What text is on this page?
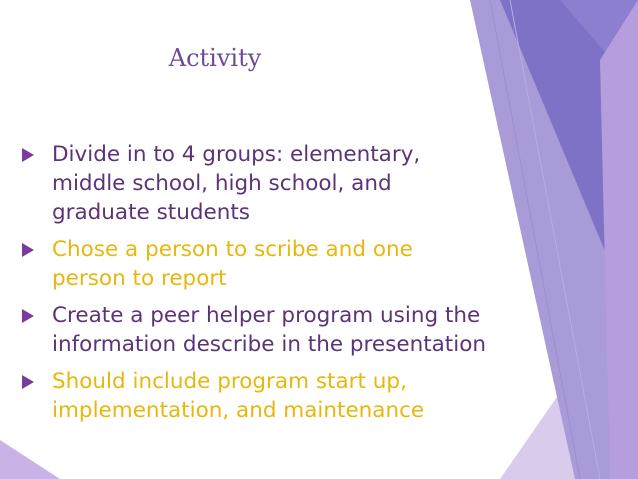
Activity
Divide in to 4 groups: elementary, middle school, high school, and graduate students
Chose a person to scribe and one person to report
Create a peer helper program using the information describe in the presentation
Should include program start up, implementation, and maintenance
